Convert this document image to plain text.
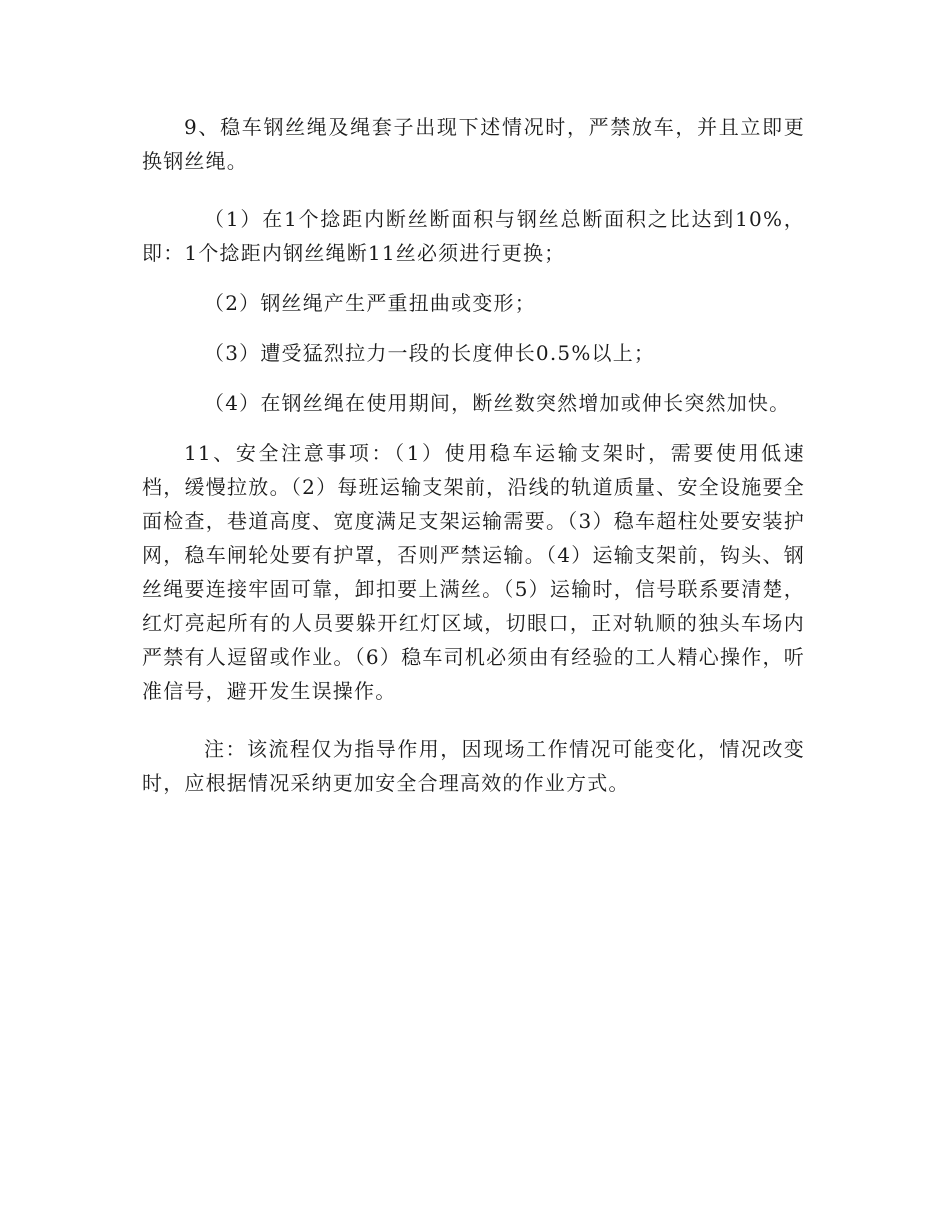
9、稳车钢丝绳及绳套子出现下述情况时，严禁放车，并且立即更换钢丝绳。

（1）在1个捻距内断丝断面积与钢丝总断面积之比达到10%，即：1个捻距内钢丝绳断11丝必须进行更换；

（2）钢丝绳产生严重扭曲或变形；

（3）遭受猛烈拉力一段的长度伸长0.5%以上；

（4）在钢丝绳在使用期间，断丝数突然增加或伸长突然加快。

11、安全注意事项：（1）使用稳车运输支架时，需要使用低速档，缓慢拉放。（2）每班运输支架前，沿线的轨道质量、安全设施要全面检查，巷道高度、宽度满足支架运输需要。（3）稳车超柱处要安装护网，稳车闸轮处要有护罩，否则严禁运输。（4）运输支架前，钩头、钢丝绳要连接牢固可靠，卸扣要上满丝。（5）运输时，信号联系要清楚，红灯亮起所有的人员要躲开红灯区域，切眼口，正对轨顺的独头车场内严禁有人逗留或作业。（6）稳车司机必须由有经验的工人精心操作，听准信号，避开发生误操作。

注：该流程仅为指导作用，因现场工作情况可能变化，情况改变时，应根据情况采纳更加安全合理高效的作业方式。
